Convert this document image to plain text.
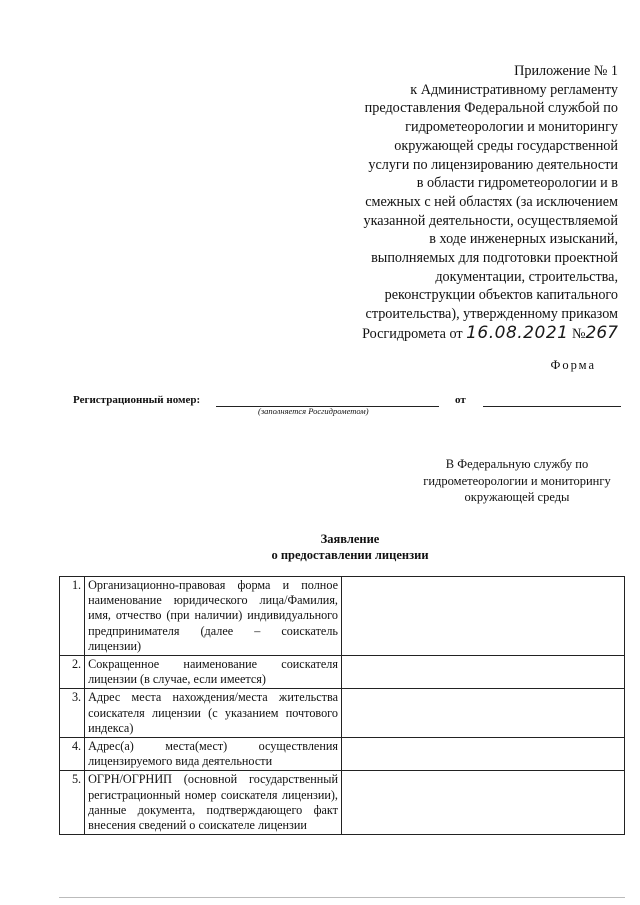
Приложение № 1
к Административному регламенту
предоставления Федеральной службой по
гидрометеорологии и мониторингу
окружающей среды государственной
услуги по лицензированию деятельности
в области гидрометеорологии и в
смежных с ней областях (за исключением
указанной деятельности, осуществляемой
в ходе инженерных изысканий,
выполняемых для подготовки проектной
документации, строительства,
реконструкции объектов капитального
строительства), утвержденному приказом
Росгидромета от 16.08.2021 №267
Форма
Регистрационный номер:	от
(заполняется Росгидрометом)
В Федеральную службу по
гидрометеорологии и мониторингу
окружающей среды
Заявление
о предоставлении лицензии
1.	Организационно-правовая форма и полное наименование юридического лица/Фамилия, имя, отчество (при наличии) индивидуального предпринимателя (далее – соискатель лицензии)	
2.	Сокращенное наименование соискателя лицензии (в случае, если имеется)	
3.	Адрес места нахождения/места жительства соискателя лицензии (с указанием почтового индекса)	
4.	Адрес(а) места(мест) осуществления лицензируемого вида деятельности	
5.	ОГРН/ОГРНИП (основной государственный регистрационный номер соискателя лицензии), данные документа, подтверждающего факт внесения сведений о соискателе лицензии	
